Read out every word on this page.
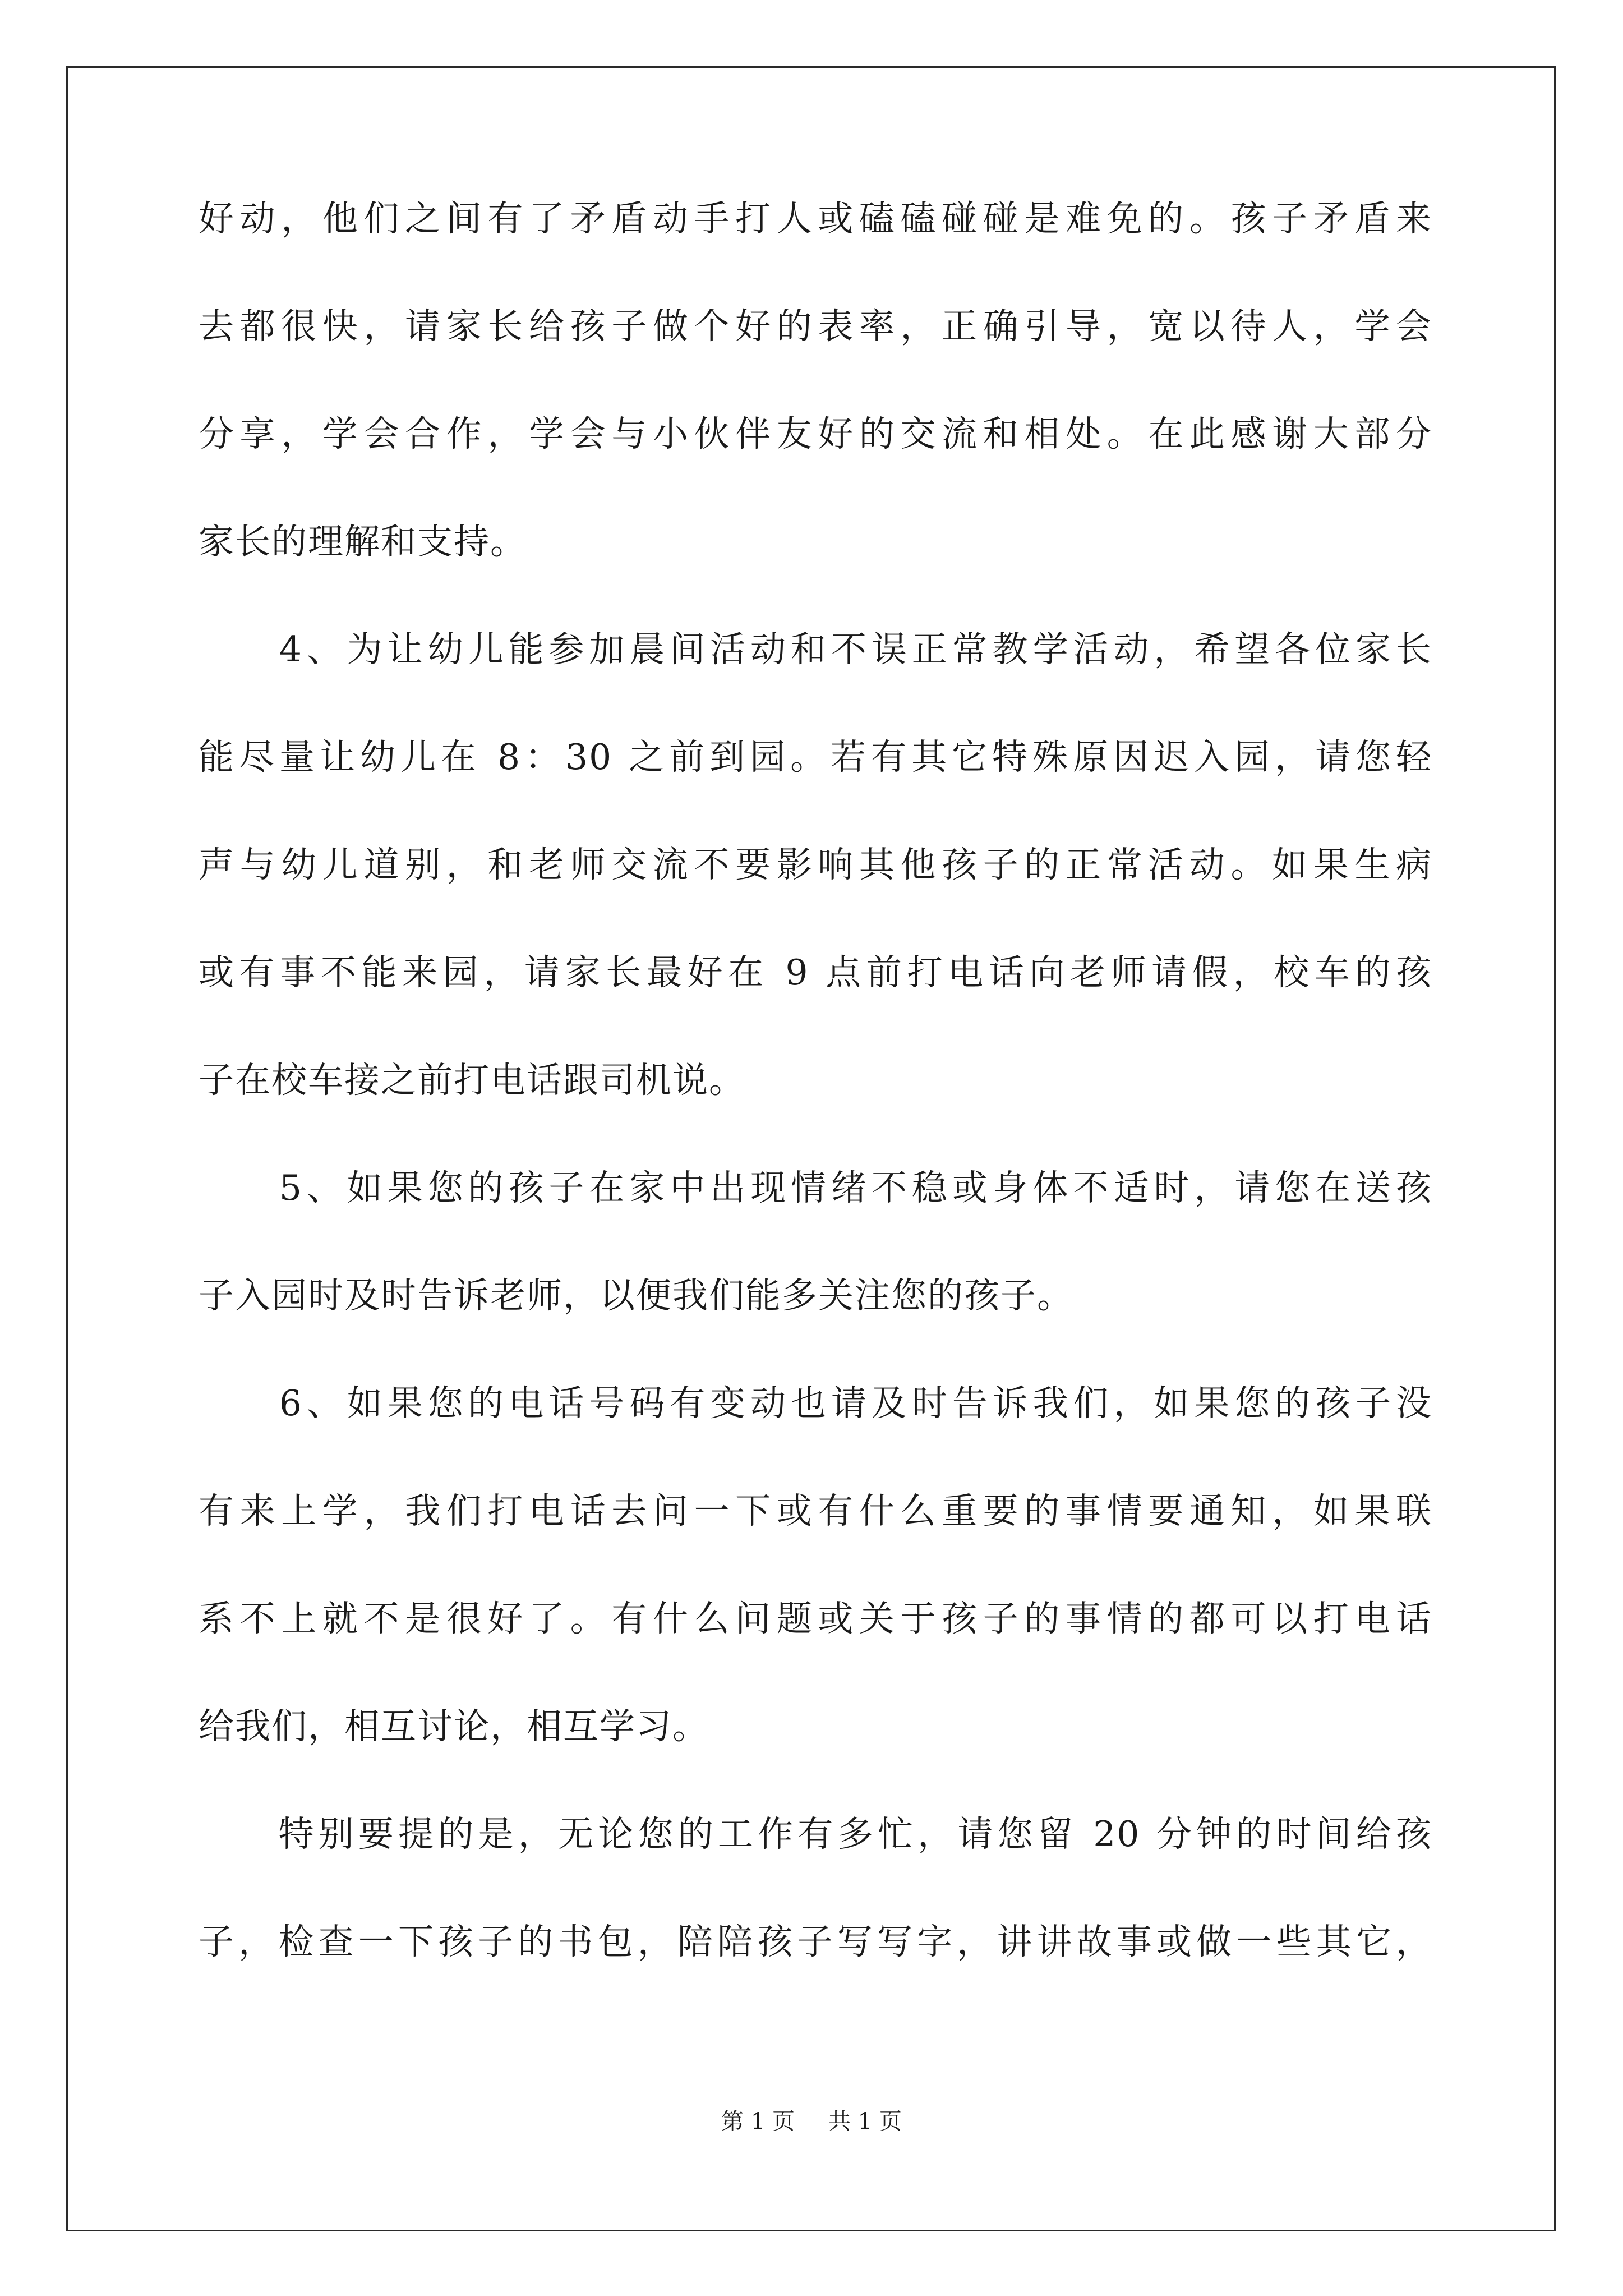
好动，他们之间有了矛盾动手打人或磕磕碰碰是难免的。孩子矛盾来
去都很快，请家长给孩子做个好的表率，正确引导，宽以待人，学会
分享，学会合作，学会与小伙伴友好的交流和相处。在此感谢大部分
家长的理解和支持。
　　4、为让幼儿能参加晨间活动和不误正常教学活动，希望各位家长
能尽量让幼儿在 8：30 之前到园。若有其它特殊原因迟入园，请您轻
声与幼儿道别，和老师交流不要影响其他孩子的正常活动。如果生病
或有事不能来园，请家长最好在 9 点前打电话向老师请假，校车的孩
子在校车接之前打电话跟司机说。
　　5、如果您的孩子在家中出现情绪不稳或身体不适时，请您在送孩
子入园时及时告诉老师，以便我们能多关注您的孩子。
　　6、如果您的电话号码有变动也请及时告诉我们，如果您的孩子没
有来上学，我们打电话去问一下或有什么重要的事情要通知，如果联
系不上就不是很好了。有什么问题或关于孩子的事情的都可以打电话
给我们，相互讨论，相互学习。
　　特别要提的是，无论您的工作有多忙，请您留 20 分钟的时间给孩
子，检查一下孩子的书包，陪陪孩子写写字，讲讲故事或做一些其它，
第 1 页 共 1 页
